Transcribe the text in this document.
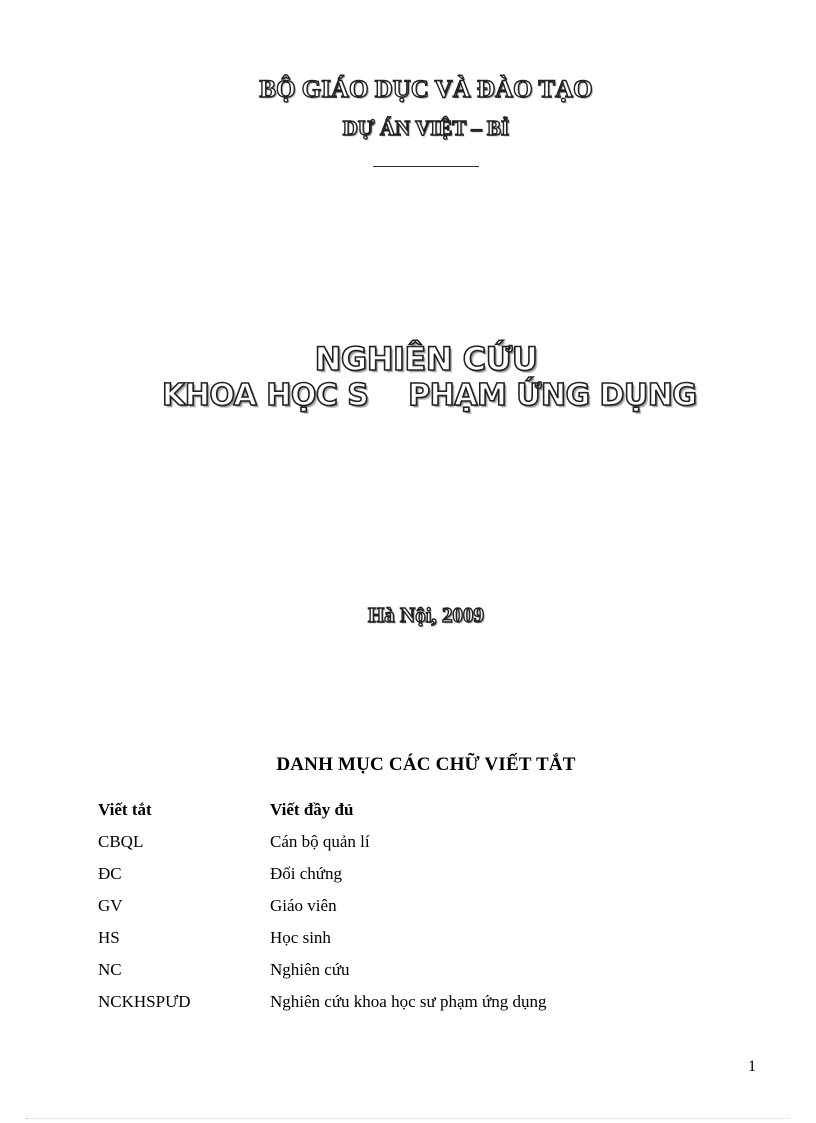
BỘ GIÁO DỤC VÀ ĐÀO TẠO
DỰ ÁN VIỆT – BỈ
NGHIÊN CỨU
KHOA HỌC S    PHẠM ỨNG DỤNG
Hà Nội, 2009
DANH MỤC CÁC CHỮ VIẾT TẮT
Viết tắt	Viết đầy đủ
CBQL	Cán bộ quản lí
ĐC	Đối chứng
GV	Giáo viên
HS	Học sinh
NC	Nghiên cứu
NCKHSPƯD	Nghiên cứu khoa học sư phạm ứng dụng
1
